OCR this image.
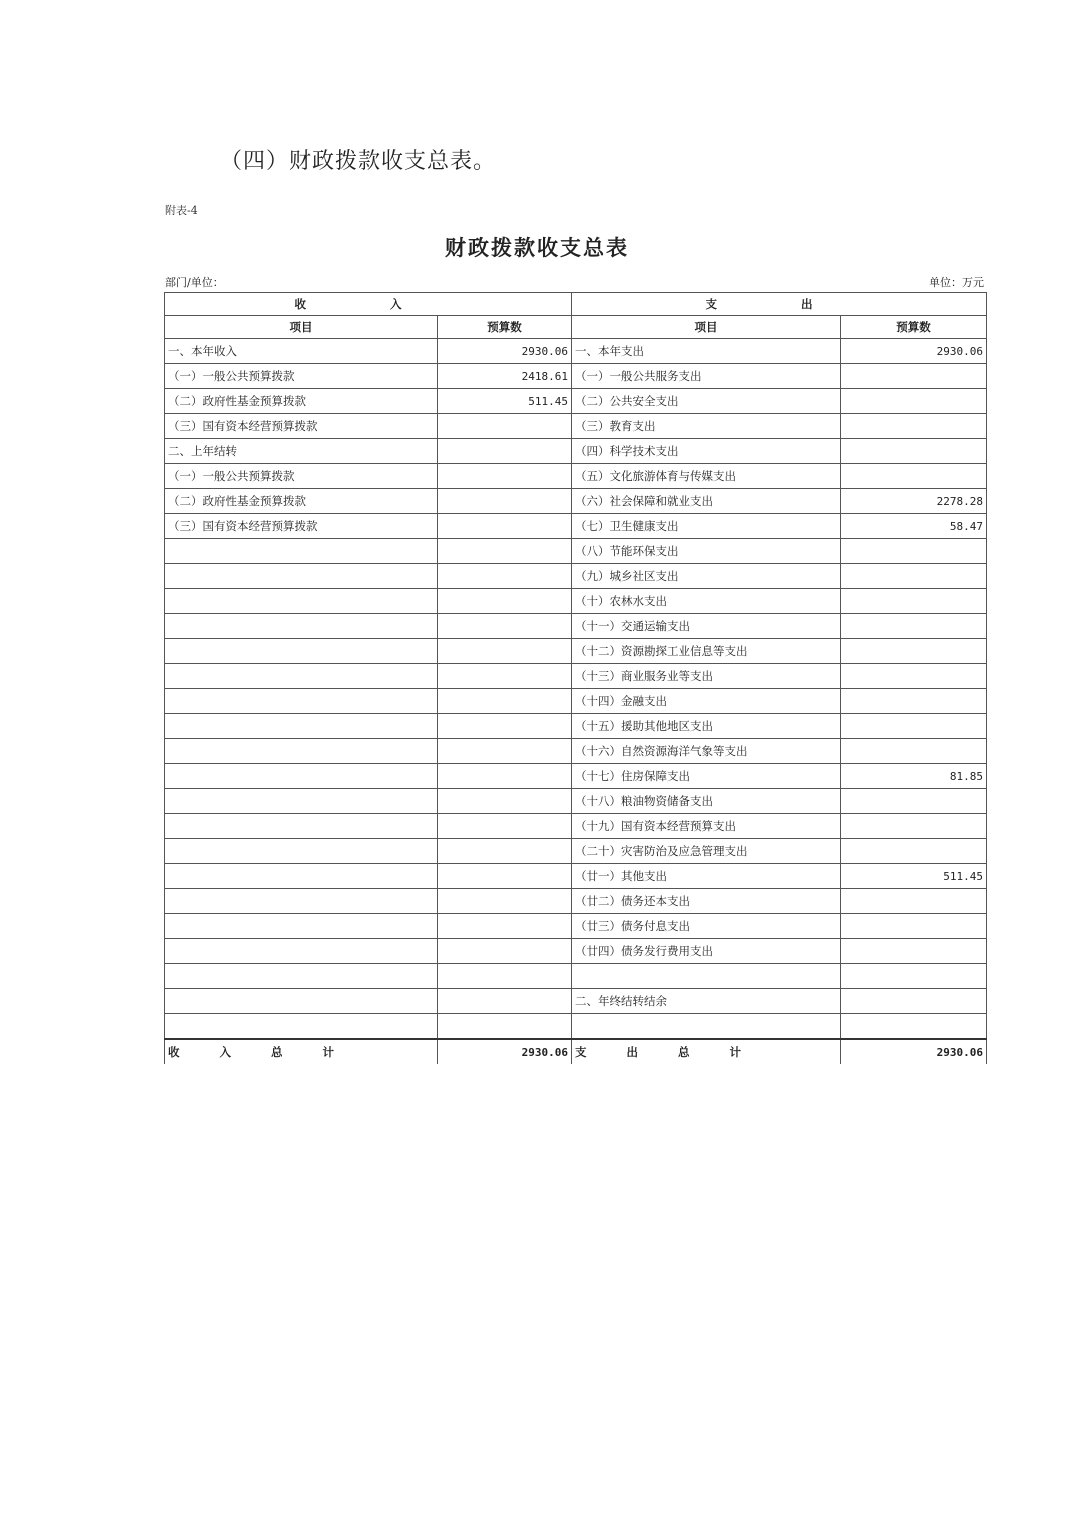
（四）财政拨款收支总表。
附表-4
财政拨款收支总表
部门/单位：	单位：万元
收 入		支 出	
项目	预算数	项目	预算数
一、本年收入	2930.06	一、本年支出	2930.06
（一）一般公共预算拨款	2418.61	（一）一般公共服务支出	
（二）政府性基金预算拨款	511.45	（二）公共安全支出	
（三）国有资本经营预算拨款		（三）教育支出	
二、上年结转		（四）科学技术支出	
（一）一般公共预算拨款		（五）文化旅游体育与传媒支出	
（二）政府性基金预算拨款		（六）社会保障和就业支出	2278.28
（三）国有资本经营预算拨款		（七）卫生健康支出	58.47
		（八）节能环保支出	
		（九）城乡社区支出	
		（十）农林水支出	
		（十一）交通运输支出	
		（十二）资源勘探工业信息等支出	
		（十三）商业服务业等支出	
		（十四）金融支出	
		（十五）援助其他地区支出	
		（十六）自然资源海洋气象等支出	
		（十七）住房保障支出	81.85
		（十八）粮油物资储备支出	
		（十九）国有资本经营预算支出	
		（二十）灾害防治及应急管理支出	
		（廿一）其他支出	511.45
		（廿二）债务还本支出	
		（廿三）债务付息支出	
		（廿四）债务发行费用支出	

		二、年终结转结余	

收 入 总 计	2930.06	支 出 总 计	2930.06
